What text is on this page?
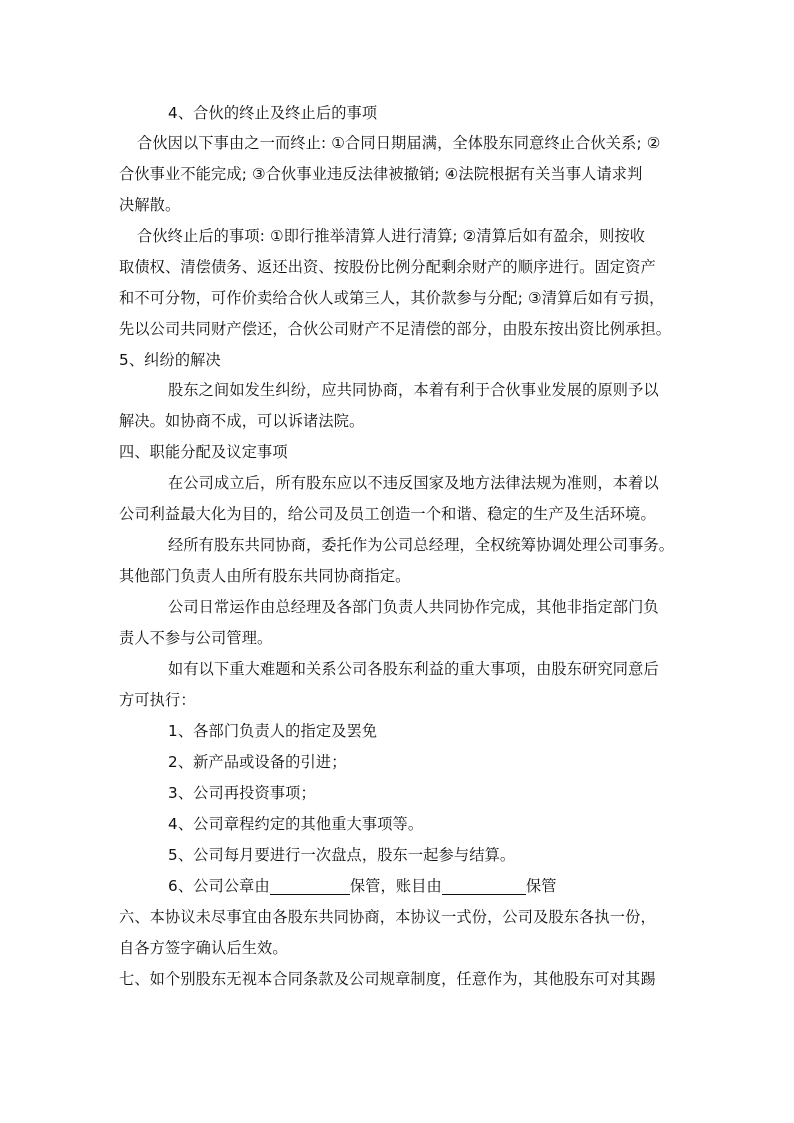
4、合伙的终止及终止后的事项
合伙因以下事由之一而终止: ①合同日期届满，全体股东同意终止合伙关系; ②
合伙事业不能完成; ③合伙事业违反法律被撤销; ④法院根据有关当事人请求判
决解散。
合伙终止后的事项: ①即行推举清算人进行清算; ②清算后如有盈余，则按收
取债权、清偿债务、返还出资、按股份比例分配剩余财产的顺序进行。固定资产
和不可分物，可作价卖给合伙人或第三人，其价款参与分配; ③清算后如有亏损，
先以公司共同财产偿还，合伙公司财产不足清偿的部分，由股东按出资比例承担。
5、纠纷的解决
股东之间如发生纠纷，应共同协商，本着有利于合伙事业发展的原则予以
解决。如协商不成，可以诉诸法院。
四、职能分配及议定事项
在公司成立后，所有股东应以不违反国家及地方法律法规为准则，本着以
公司利益最大化为目的，给公司及员工创造一个和谐、稳定的生产及生活环境。
经所有股东共同协商，委托作为公司总经理，全权统筹协调处理公司事务。
其他部门负责人由所有股东共同协商指定。
公司日常运作由总经理及各部门负责人共同协作完成，其他非指定部门负
责人不参与公司管理。
如有以下重大难题和关系公司各股东利益的重大事项，由股东研究同意后
方可执行：
1、各部门负责人的指定及罢免
2、新产品或设备的引进；
3、公司再投资事项；
4、公司章程约定的其他重大事项等。
5、公司每月要进行一次盘点，股东一起参与结算。
6、公司公章由	保管，账目由	保管
六、本协议未尽事宜由各股东共同协商，本协议一式份，公司及股东各执一份，
自各方签字确认后生效。
七、如个别股东无视本合同条款及公司规章制度，任意作为，其他股东可对其踢
